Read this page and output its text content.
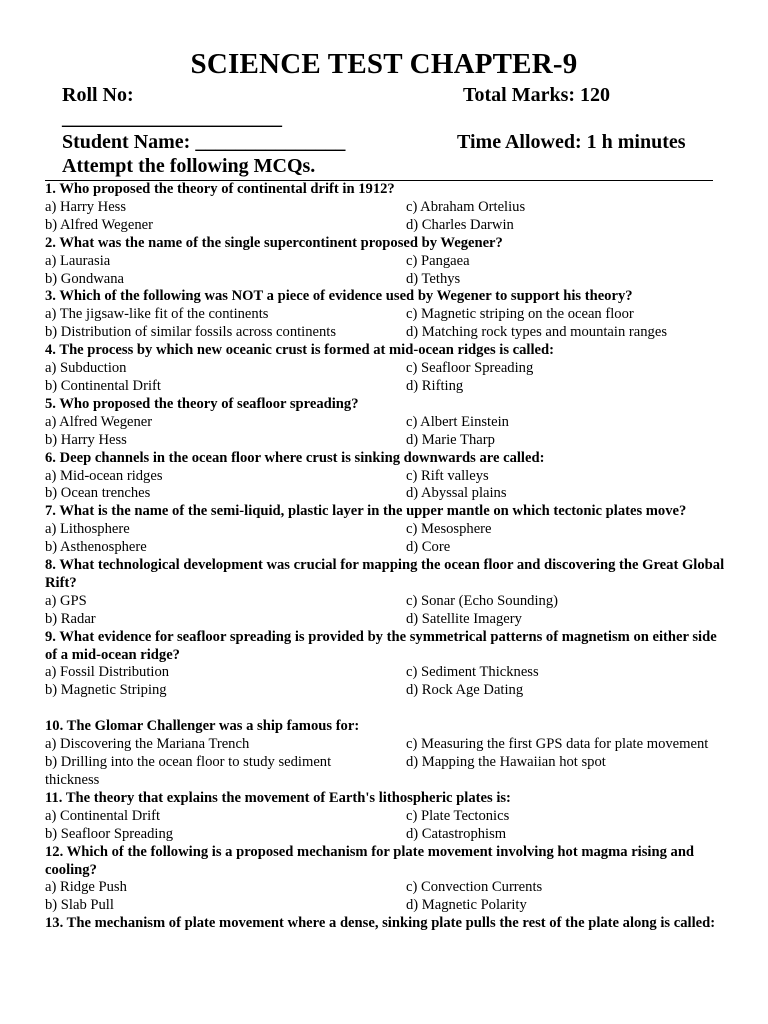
SCIENCE TEST CHAPTER-9
Roll No:
______________________
Total Marks: 120
Student Name: _______________	Time Allowed: 1 h minutes
Attempt the following MCQs.
1. Who proposed the theory of continental drift in 1912?
a) Harry Hess	c) Abraham Ortelius
b) Alfred Wegener	d) Charles Darwin
2. What was the name of the single supercontinent proposed by Wegener?
a) Laurasia	c) Pangaea
b) Gondwana	d) Tethys
3. Which of the following was NOT a piece of evidence used by Wegener to support his theory?
a) The jigsaw-like fit of the continents	c) Magnetic striping on the ocean floor
b) Distribution of similar fossils across continents	d) Matching rock types and mountain ranges
4. The process by which new oceanic crust is formed at mid-ocean ridges is called:
a) Subduction	c) Seafloor Spreading
b) Continental Drift	d) Rifting
5. Who proposed the theory of seafloor spreading?
a) Alfred Wegener	c) Albert Einstein
b) Harry Hess	d) Marie Tharp
6. Deep channels in the ocean floor where crust is sinking downwards are called:
a) Mid-ocean ridges	c) Rift valleys
b) Ocean trenches	d) Abyssal plains
7. What is the name of the semi-liquid, plastic layer in the upper mantle on which tectonic plates move?
a) Lithosphere	c) Mesosphere
b) Asthenosphere	d) Core
8. What technological development was crucial for mapping the ocean floor and discovering the Great Global Rift?
a) GPS	c) Sonar (Echo Sounding)
b) Radar	d) Satellite Imagery
9. What evidence for seafloor spreading is provided by the symmetrical patterns of magnetism on either side of a mid-ocean ridge?
a) Fossil Distribution	c) Sediment Thickness
b) Magnetic Striping	d) Rock Age Dating
10. The Glomar Challenger was a ship famous for:
a) Discovering the Mariana Trench	c) Measuring the first GPS data for plate movement
b) Drilling into the ocean floor to study sediment thickness
d) Mapping the Hawaiian hot spot
11. The theory that explains the movement of Earth's lithospheric plates is:
a) Continental Drift	c) Plate Tectonics
b) Seafloor Spreading	d) Catastrophism
12. Which of the following is a proposed mechanism for plate movement involving hot magma rising and cooling?
a) Ridge Push	c) Convection Currents
b) Slab Pull	d) Magnetic Polarity
13. The mechanism of plate movement where a dense, sinking plate pulls the rest of the plate along is called:
